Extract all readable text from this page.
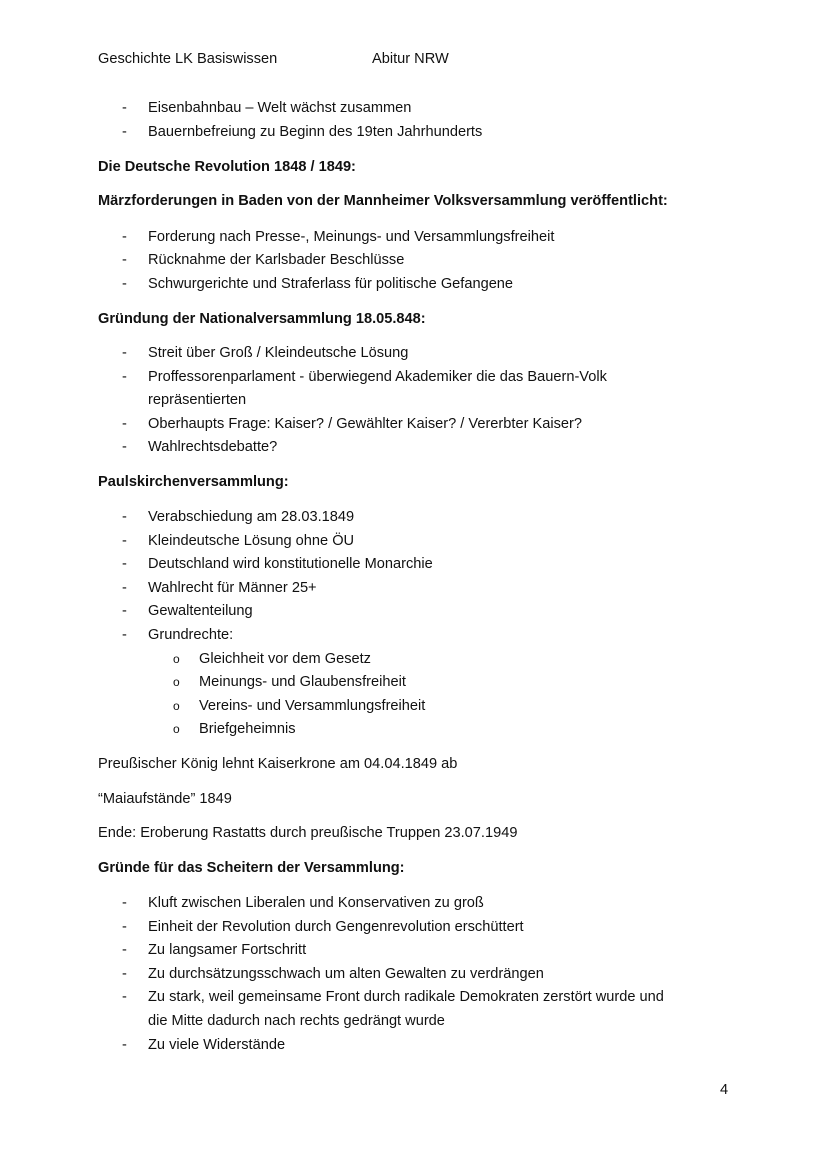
Geschichte LK Basiswissen	Abitur NRW
- Eisenbahnbau – Welt wächst zusammen
- Bauernbefreiung zu Beginn des 19ten Jahrhunderts
Die Deutsche Revolution 1848 / 1849:
Märzforderungen in Baden von der Mannheimer Volksversammlung veröffentlicht:
- Forderung nach Presse-, Meinungs- und Versammlungsfreiheit
- Rücknahme der Karlsbader Beschlüsse
- Schwurgerichte und Straferlass für politische Gefangene
Gründung der Nationalversammlung 18.05.848:
- Streit über Groß / Kleindeutsche Lösung
- Proffessorenparlament - überwiegend Akademiker die das Bauern-Volk
repräsentierten
- Oberhaupts Frage: Kaiser? / Gewählter Kaiser? / Vererbter Kaiser?
- Wahlrechtsdebatte?
Paulskirchenversammlung:
- Verabschiedung am 28.03.1849
- Kleindeutsche Lösung ohne ÖU
- Deutschland wird konstitutionelle Monarchie
- Wahlrecht für Männer 25+
- Gewaltenteilung
- Grundrechte:
o Gleichheit vor dem Gesetz
o Meinungs- und Glaubensfreiheit
o Vereins- und Versammlungsfreiheit
o Briefgeheimnis
Preußischer König lehnt Kaiserkrone am 04.04.1849 ab
“Maiaufstände” 1849
Ende: Eroberung Rastatts durch preußische Truppen 23.07.1949
Gründe für das Scheitern der Versammlung:
- Kluft zwischen Liberalen und Konservativen zu groß
- Einheit der Revolution durch Gengenrevolution erschüttert
- Zu langsamer Fortschritt
- Zu durchsätzungsschwach um alten Gewalten zu verdrängen
- Zu stark, weil gemeinsame Front durch radikale Demokraten zerstört wurde und
die Mitte dadurch nach rechts gedrängt wurde
- Zu viele Widerstände
4
